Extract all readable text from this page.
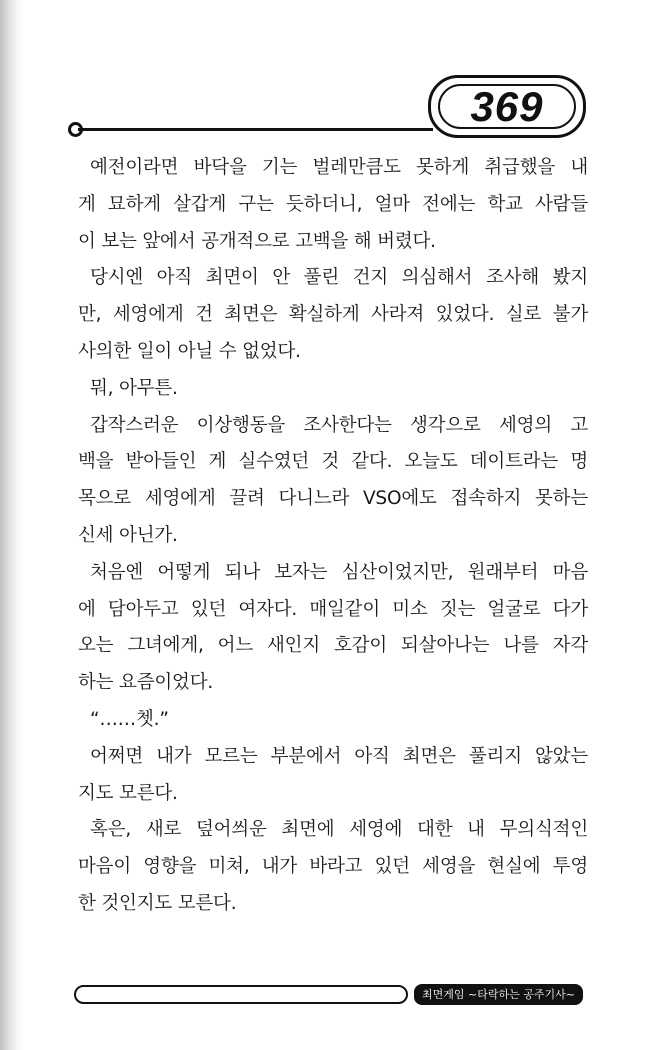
369
예전이라면 바닥을 기는 벌레만큼도 못하게 취급했을 내
게 묘하게 살갑게 구는 듯하더니, 얼마 전에는 학교 사람들
이 보는 앞에서 공개적으로 고백을 해 버렸다.
당시엔 아직 최면이 안 풀린 건지 의심해서 조사해 봤지
만, 세영에게 건 최면은 확실하게 사라져 있었다. 실로 불가
사의한 일이 아닐 수 없었다.
뭐, 아무튼.
갑작스러운 이상행동을 조사한다는 생각으로 세영의 고
백을 받아들인 게 실수였던 것 같다. 오늘도 데이트라는 명
목으로 세영에게 끌려 다니느라 VSO에도 접속하지 못하는
신세 아닌가.
처음엔 어떻게 되나 보자는 심산이었지만, 원래부터 마음
에 담아두고 있던 여자다. 매일같이 미소 짓는 얼굴로 다가
오는 그녀에게, 어느 새인지 호감이 되살아나는 나를 자각
하는 요즘이었다.
“……쳇.”
어쩌면 내가 모르는 부분에서 아직 최면은 풀리지 않았는
지도 모른다.
혹은, 새로 덮어씌운 최면에 세영에 대한 내 무의식적인
마음이 영향을 미쳐, 내가 바라고 있던 세영을 현실에 투영
한 것인지도 모른다.
최면게임 ~타락하는 공주기사~
